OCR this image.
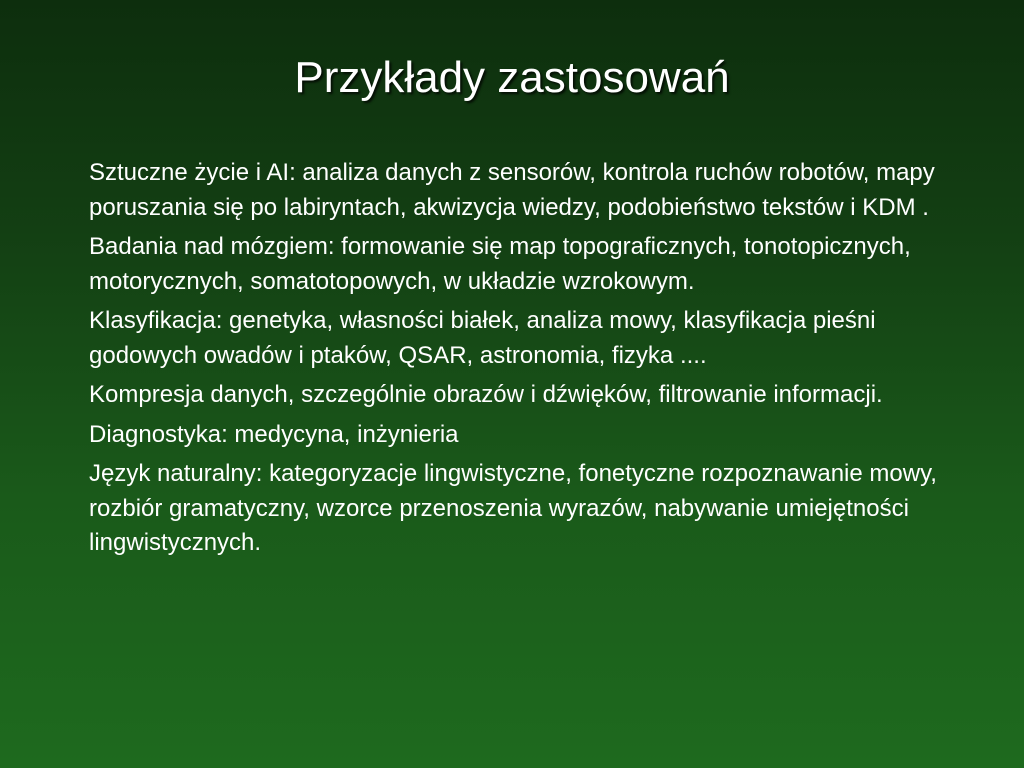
Przykłady zastosowań
Sztuczne życie i AI: analiza danych z sensorów, kontrola ruchów robotów, mapy poruszania się po labiryntach, akwizycja wiedzy, podobieństwo tekstów i KDM .
Badania nad mózgiem: formowanie się map topograficznych, tonotopicznych, motorycznych, somatotopowych, w układzie wzrokowym.
Klasyfikacja: genetyka, własności białek, analiza mowy, klasyfikacja pieśni godowych owadów i ptaków, QSAR, astronomia, fizyka ....
Kompresja danych, szczególnie obrazów i dźwięków, filtrowanie informacji.
Diagnostyka: medycyna, inżynieria
Język naturalny: kategoryzacje lingwistyczne, fonetyczne rozpoznawanie mowy, rozbiór gramatyczny, wzorce przenoszenia wyrazów, nabywanie umiejętności lingwistycznych.
